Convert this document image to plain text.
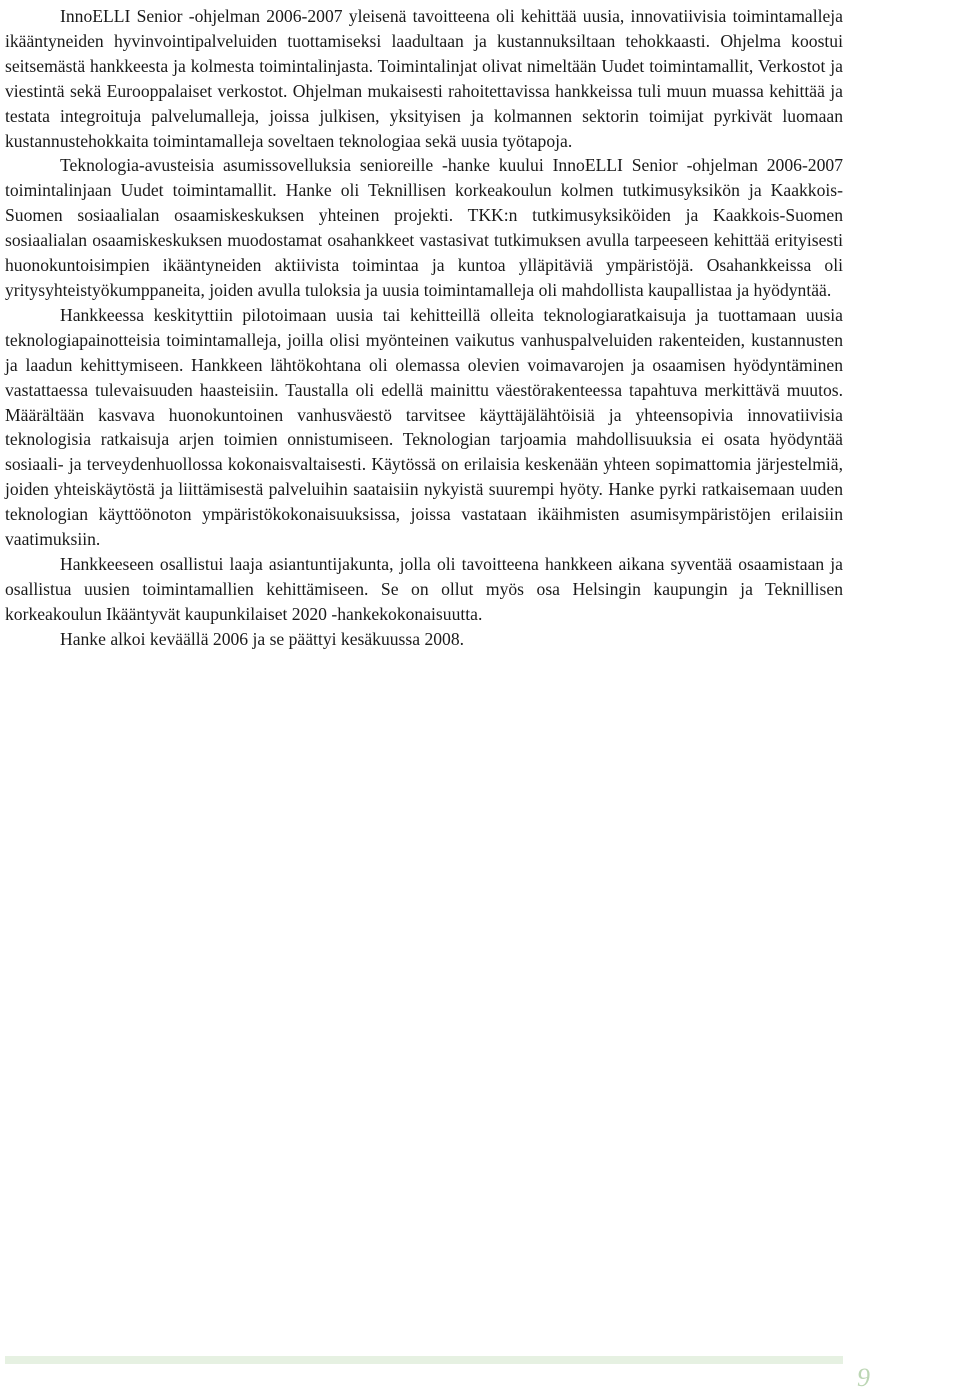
InnoELLI Senior -ohjelman 2006-2007 yleisenä tavoitteena oli kehittää uusia, innovatiivisia toimintamalleja ikääntyneiden hyvinvointipalveluiden tuottamiseksi laadultaan ja kustannuksiltaan tehokkaasti. Ohjelma koostui seitsemästä hankkeesta ja kolmesta toimintalinjasta. Toimintalinjat olivat nimeltään Uudet toimintamallit, Verkostot ja viestintä sekä Eurooppalaiset verkostot. Ohjelman mukaisesti rahoitettavissa hankkeissa tuli muun muassa kehittää ja testata integroituja palvelumalleja, joissa julkisen, yksityisen ja kolmannen sektorin toimijat pyrkivät luomaan kustannustehokkaita toimintamalleja soveltaen teknologiaa sekä uusia työtapoja.

Teknologia-avusteisia asumissovelluksia senioreille -hanke kuului InnoELLI Senior -ohjelman 2006-2007 toimintalinjaan Uudet toimintamallit. Hanke oli Teknillisen korkeakoulun kolmen tutkimusyksikön ja Kaakkois-Suomen sosiaalialan osaamiskeskuksen yhteinen projekti. TKK:n tutkimusyksiköiden ja Kaakkois-Suomen sosiaalialan osaamiskeskuksen muodostamat osahankkeet vastasivat tutkimuksen avulla tarpeeseen kehittää erityisesti huonokuntoisimpien ikääntyneiden aktiivista toimintaa ja kuntoa ylläpitäviä ympäristöjä. Osahankkeissa oli yritysyhteistyökumppaneita, joiden avulla tuloksia ja uusia toimintamalleja oli mahdollista kaupallistaa ja hyödyntää.

Hankkeessa keskityttiin pilotoimaan uusia tai kehitteillä olleita teknologiaratkaisuja ja tuottamaan uusia teknologiapainotteisia toimintamalleja, joilla olisi myönteinen vaikutus vanhuspalveluiden rakenteiden, kustannusten ja laadun kehittymiseen. Hankkeen lähtökohtana oli olemassa olevien voimavarojen ja osaamisen hyödyntäminen vastattaessa tulevaisuuden haasteisiin. Taustalla oli edellä mainittu väestörakenteessa tapahtuva merkittävä muutos. Määrältään kasvava huonokuntoinen vanhusväestö tarvitsee käyttäjälähtöisiä ja yhteensopivia innovatiivisia teknologisia ratkaisuja arjen toimien onnistumiseen. Teknologian tarjoamia mahdollisuuksia ei osata hyödyntää sosiaali- ja terveydenhuollossa kokonaisvaltaisesti. Käytössä on erilaisia keskenään yhteen sopimattomia järjestelmiä, joiden yhteiskäytöstä ja liittämisestä palveluihin saataisiin nykyistä suurempi hyöty. Hanke pyrki ratkaisemaan uuden teknologian käyttöönoton ympäristökokonaisuuksissa, joissa vastataan ikäihmisten asumisympäristöjen erilaisiin vaatimuksiin.

Hankkeeseen osallistui laaja asiantuntijakunta, jolla oli tavoitteena hankkeen aikana syventää osaamistaan ja osallistua uusien toimintamallien kehittämiseen. Se on ollut myös osa Helsingin kaupungin ja Teknillisen korkeakoulun Ikääntyvät kaupunkilaiset 2020 -hankekokonaisuutta.

Hanke alkoi keväällä 2006 ja se päättyi kesäkuussa 2008.

9
